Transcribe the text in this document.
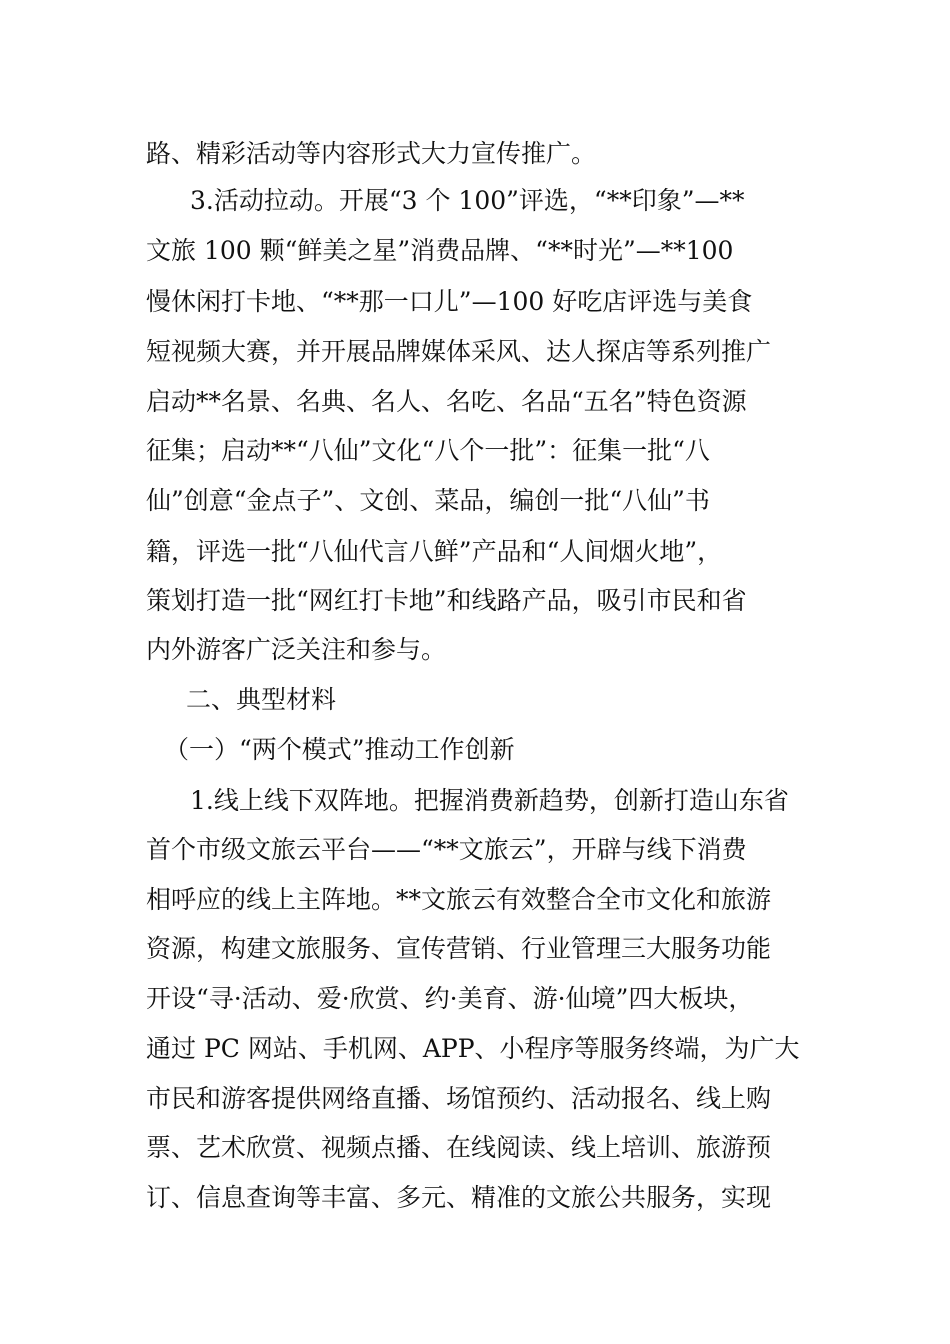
路、精彩活动等内容形式大力宣传推广。
3.活动拉动。开展“3 个 100”评选，“**印象”—**
文旅 100 颗“鲜美之星”消费品牌、“**时光”—**100
慢休闲打卡地、“**那一口儿”—100 好吃店评选与美食
短视频大赛，并开展品牌媒体采风、达人探店等系列推广
启动**名景、名典、名人、名吃、名品“五名”特色资源
征集；启动**“八仙”文化“八个一批”：征集一批“八
仙”创意“金点子”、文创、菜品，编创一批“八仙”书
籍，评选一批“八仙代言八鲜”产品和“人间烟火地”，
策划打造一批“网红打卡地”和线路产品，吸引市民和省
内外游客广泛关注和参与。
二、典型材料
（一）“两个模式”推动工作创新
1.线上线下双阵地。把握消费新趋势，创新打造山东省
首个市级文旅云平台——“**文旅云”，开辟与线下消费
相呼应的线上主阵地。**文旅云有效整合全市文化和旅游
资源，构建文旅服务、宣传营销、行业管理三大服务功能
开设“寻·活动、爱·欣赏、约·美育、游·仙境”四大板块，
通过 PC 网站、手机网、APP、小程序等服务终端，为广大
市民和游客提供网络直播、场馆预约、活动报名、线上购
票、艺术欣赏、视频点播、在线阅读、线上培训、旅游预
订、信息查询等丰富、多元、精准的文旅公共服务，实现
